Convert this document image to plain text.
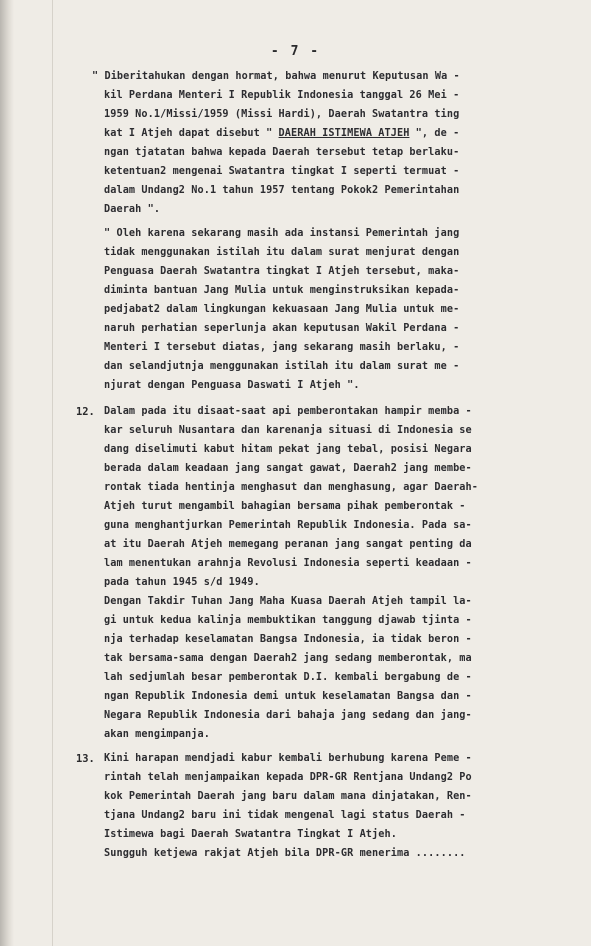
- 7 -
" Diberitahukan dengan hormat, bahwa menurut Keputusan Wa -
kil Perdana Menteri I Republik Indonesia tanggal 26 Mei -
1959 No.1/Missi/1959 (Missi Hardi), Daerah Swatantra ting
kat I Atjeh dapat disebut " DAERAH ISTIMEWA ATJEH ", de -
ngan tjatatan bahwa kepada Daerah tersebut tetap berlaku-
ketentuan2 mengenai Swatantra tingkat I seperti termuat -
dalam Undang2 No.1 tahun 1957 tentang Pokok2 Pemerintahan
Daerah ".
" Oleh karena sekarang masih ada instansi Pemerintah jang
tidak menggunakan istilah itu dalam surat menjurat dengan
Penguasa Daerah Swatantra tingkat I Atjeh tersebut, maka-
diminta bantuan Jang Mulia untuk menginstruksikan kepada-
pedjabat2 dalam lingkungan kekuasaan Jang Mulia untuk me-
naruh perhatian seperlunja akan keputusan Wakil Perdana -
Menteri I tersebut diatas, jang sekarang masih berlaku, -
dan selandjutnja menggunakan istilah itu dalam surat me -
njurat dengan Penguasa Daswati I Atjeh ".
12. Dalam pada itu disaat-saat api pemberontakan hampir memba -
kar seluruh Nusantara dan karenanja situasi di Indonesia se
dang diselimuti kabut hitam pekat jang tebal, posisi Negara
berada dalam keadaan jang sangat gawat, Daerah2 jang membe-
rontak tiada hentinja menghasut dan menghasung, agar Daerah-
Atjeh turut mengambil bahagian bersama pihak pemberontak -
guna menghantjurkan Pemerintah Republik Indonesia. Pada sa-
at itu Daerah Atjeh memegang peranan jang sangat penting da
lam menentukan arahnja Revolusi Indonesia seperti keadaan -
pada tahun 1945 s/d 1949.
Dengan Takdir Tuhan Jang Maha Kuasa Daerah Atjeh tampil la-
gi untuk kedua kalinja membuktikan tanggung djawab tjinta -
nja terhadap keselamatan Bangsa Indonesia, ia tidak beron -
tak bersama-sama dengan Daerah2 jang sedang memberontak, ma
lah sedjumlah besar pemberontak D.I. kembali bergabung de -
ngan Republik Indonesia demi untuk keselamatan Bangsa dan -
Negara Republik Indonesia dari bahaja jang sedang dan jang-
akan mengimpanja.
13. Kini harapan mendjadi kabur kembali berhubung karena Peme -
rintah telah menjampaikan kepada DPR-GR Rentjana Undang2 Po
kok Pemerintah Daerah jang baru dalam mana dinjatakan, Ren-
tjana Undang2 baru ini tidak mengenal lagi status Daerah -
Istimewa bagi Daerah Swatantra Tingkat I Atjeh.
Sungguh ketjewa rakjat Atjeh bila DPR-GR menerima ........
